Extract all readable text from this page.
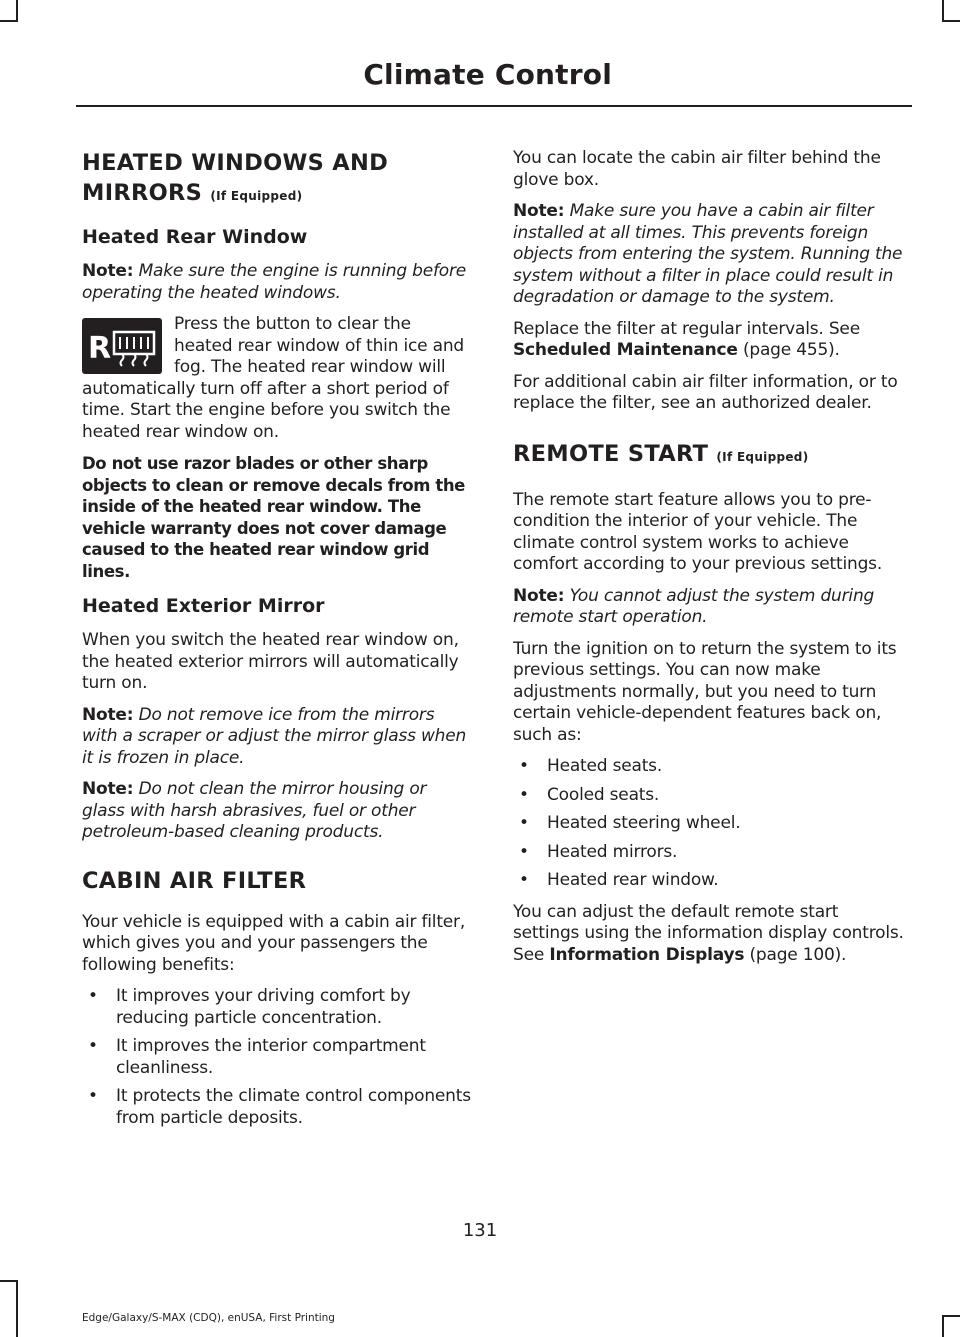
Climate Control
HEATED WINDOWS AND MIRRORS (If Equipped)
Heated Rear Window

Note: Make sure the engine is running before operating the heated windows.

R

Press the button to clear the heated rear window of thin ice and fog. The heated rear window will automatically turn off after a short period of time. Start the engine before you switch the heated rear window on.

Do not use razor blades or other sharp objects to clean or remove decals from the inside of the heated rear window. The vehicle warranty does not cover damage caused to the heated rear window grid lines.
Heated Exterior Mirror

When you switch the heated rear window on, the heated exterior mirrors will automatically turn on.

Note: Do not remove ice from the mirrors with a scraper or adjust the mirror glass when it is frozen in place.

Note: Do not clean the mirror housing or glass with harsh abrasives, fuel or other petroleum-based cleaning products.

CABIN AIR FILTER

Your vehicle is equipped with a cabin air filter, which gives you and your passengers the following benefits:

• It improves your driving comfort by reducing particle concentration.
• It improves the interior compartment cleanliness.
• It protects the climate control components from particle deposits.

You can locate the cabin air filter behind the glove box.

Note: Make sure you have a cabin air filter installed at all times. This prevents foreign objects from entering the system. Running the system without a filter in place could result in degradation or damage to the system.

Replace the filter at regular intervals. See Scheduled Maintenance (page 455).

For additional cabin air filter information, or to replace the filter, see an authorized dealer.

REMOTE START (If Equipped)

The remote start feature allows you to pre-condition the interior of your vehicle. The climate control system works to achieve comfort according to your previous settings.

Note: You cannot adjust the system during remote start operation.

Turn the ignition on to return the system to its previous settings. You can now make adjustments normally, but you need to turn certain vehicle-dependent features back on, such as:

• Heated seats.
• Cooled seats.
• Heated steering wheel.
• Heated mirrors.
• Heated rear window.

You can adjust the default remote start settings using the information display controls. See Information Displays (page 100).

131
Edge/Galaxy/S-MAX (CDQ), enUSA, First Printing
